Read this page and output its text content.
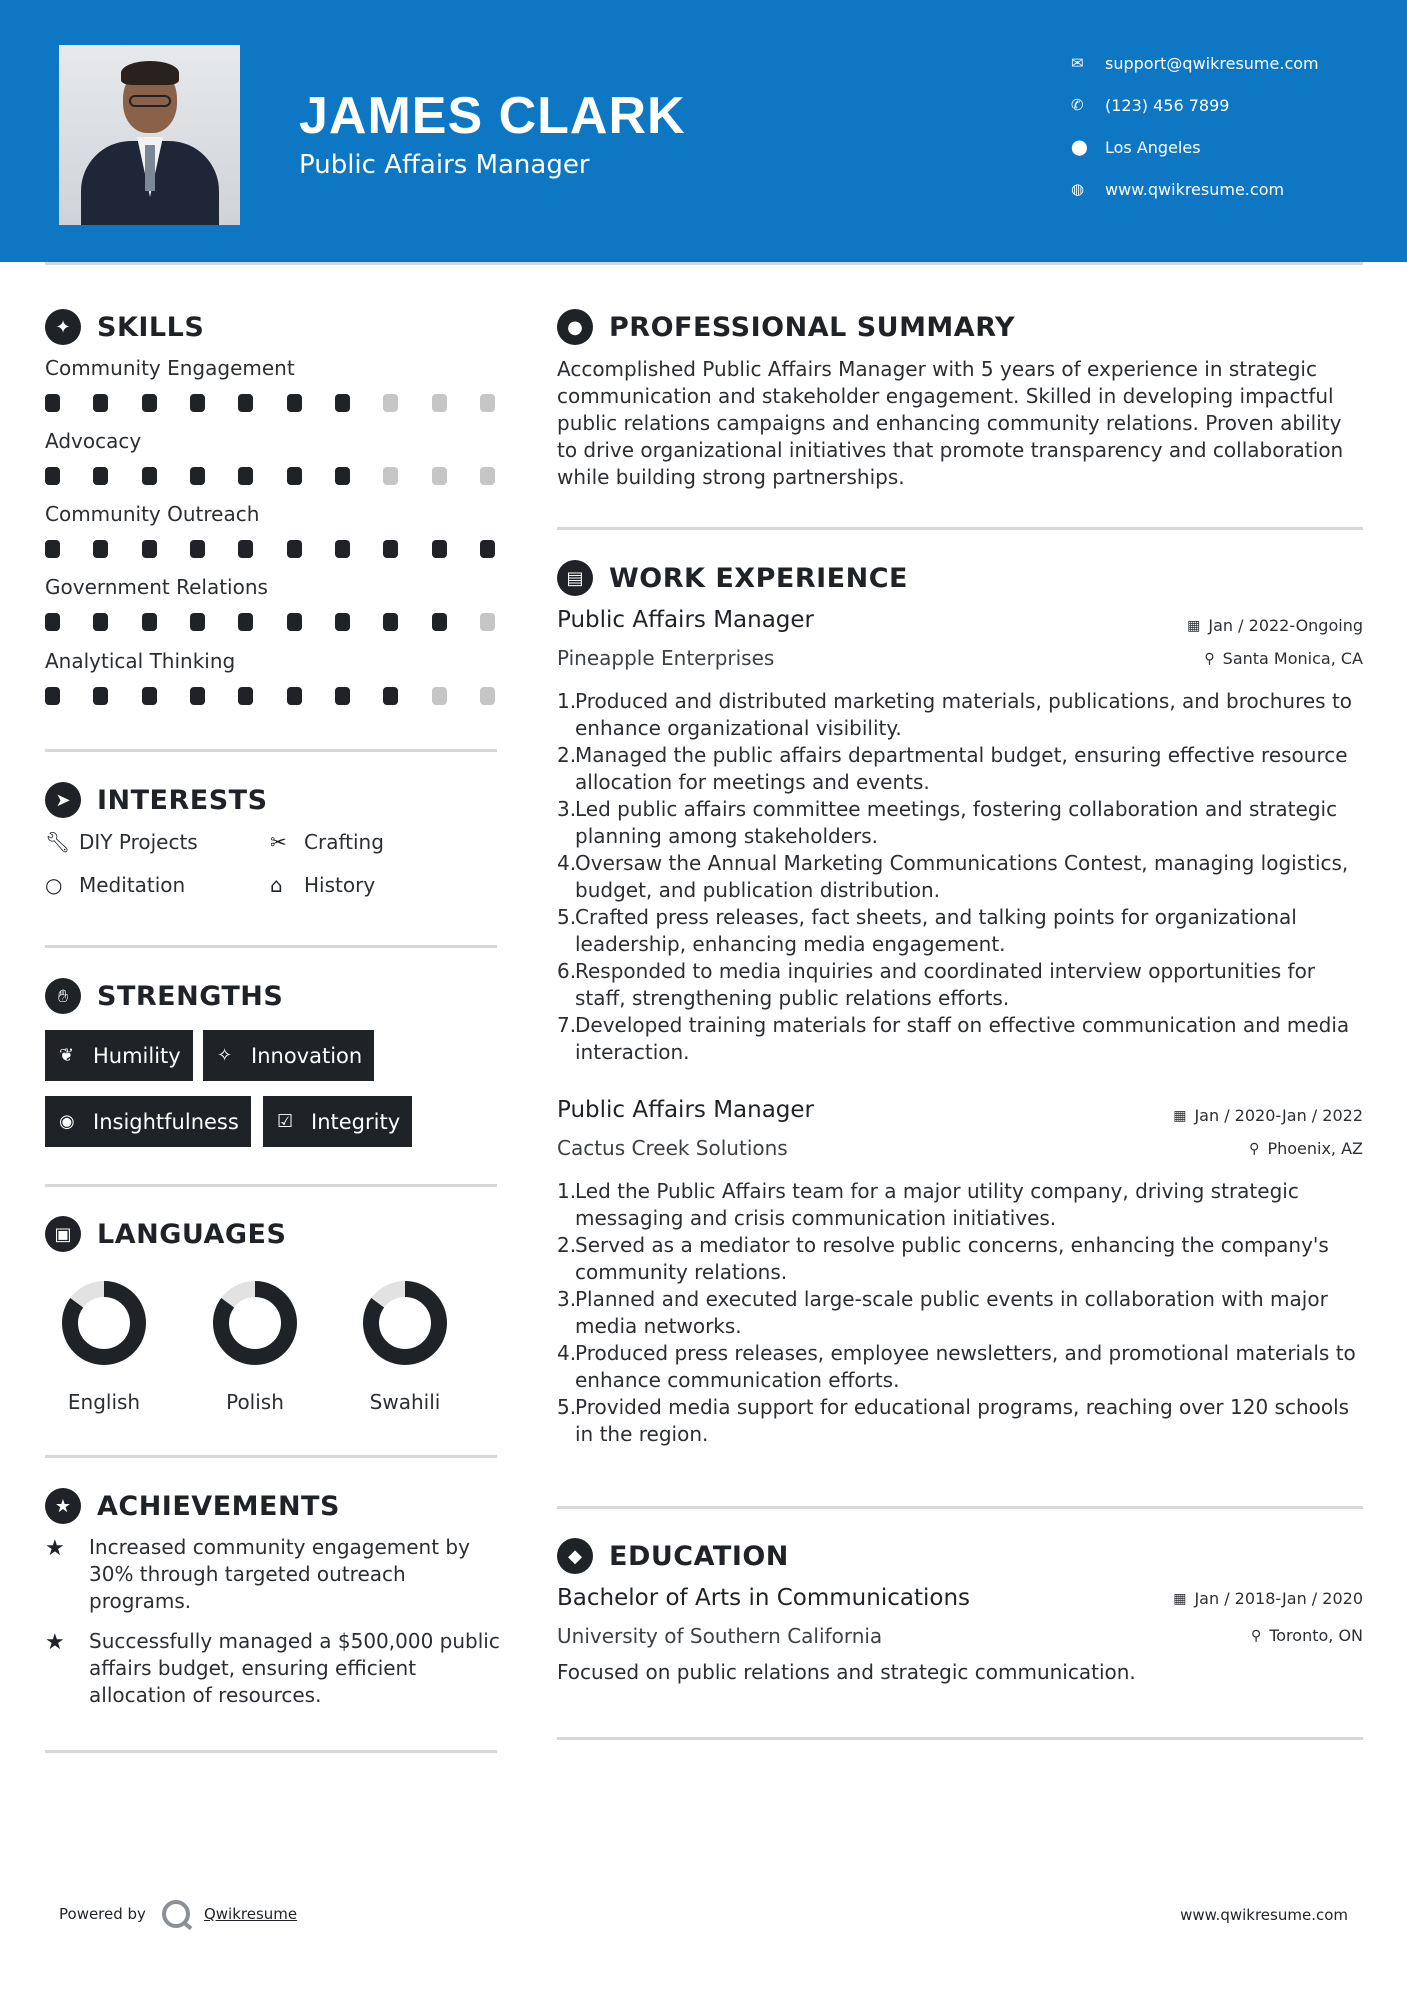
JAMES CLARK
Public Affairs Manager
✉	support@qwikresume.com
✆	(123) 456 7899
⬤	Los Angeles
◍	www.qwikresume.com
✦ SKILLS
Community Engagement
Advocacy
Community Outreach
Government Relations
Analytical Thinking
➤ INTERESTS
🔧︎ DIY Projects	✂ Crafting
○ Meditation	⌂	History
✋︎	STRENGTHS
❦ Humility ✧ Innovation
◉ Insightfulness ☑ Integrity
▣ LANGUAGES
English	Polish	Swahili
★ ACHIEVEMENTS
★	Increased community engagement by 30% through targeted outreach programs.
★	Successfully managed a $500,000 public affairs budget, ensuring efficient allocation of resources.
● PROFESSIONAL SUMMARY
Accomplished Public Affairs Manager with 5 years of experience in strategic communication and stakeholder engagement. Skilled in developing impactful public relations campaigns and enhancing community relations. Proven ability to drive organizational initiatives that promote transparency and collaboration while building strong partnerships.
▤ WORK EXPERIENCE
Public Affairs Manager	▦ Jan / 2022-Ongoing
Pineapple Enterprises	⚲ Santa Monica, CA
1.
Produced and distributed marketing materials, publications, and brochures to enhance organizational visibility.
2.
Managed the public affairs departmental budget, ensuring effective resource allocation for meetings and events.
3.
Led public affairs committee meetings, fostering collaboration and strategic planning among stakeholders.
4.
Oversaw the Annual Marketing Communications Contest, managing logistics, budget, and publication distribution.
5.
Crafted press releases, fact sheets, and talking points for organizational leadership, enhancing media engagement.
6.
Responded to media inquiries and coordinated interview opportunities for staff, strengthening public relations efforts.
7.
Developed training materials for staff on effective communication and media interaction.
Public Affairs Manager	▦ Jan / 2020-Jan / 2022
Cactus Creek Solutions	⚲ Phoenix, AZ
1.
Led the Public Affairs team for a major utility company, driving strategic messaging and crisis communication initiatives.
2.
Served as a mediator to resolve public concerns, enhancing the company's community relations.
3.
Planned and executed large-scale public events in collaboration with major media networks.
4.
Produced press releases, employee newsletters, and promotional materials to enhance communication efforts.
5.
Provided media support for educational programs, reaching over 120 schools in the region.
◆	EDUCATION
Bachelor of Arts in Communications	▦ Jan / 2018-Jan / 2020
University of Southern California	⚲ Toronto, ON
Focused on public relations and strategic communication.
Powered by	Qwikresume	www.qwikresume.com
